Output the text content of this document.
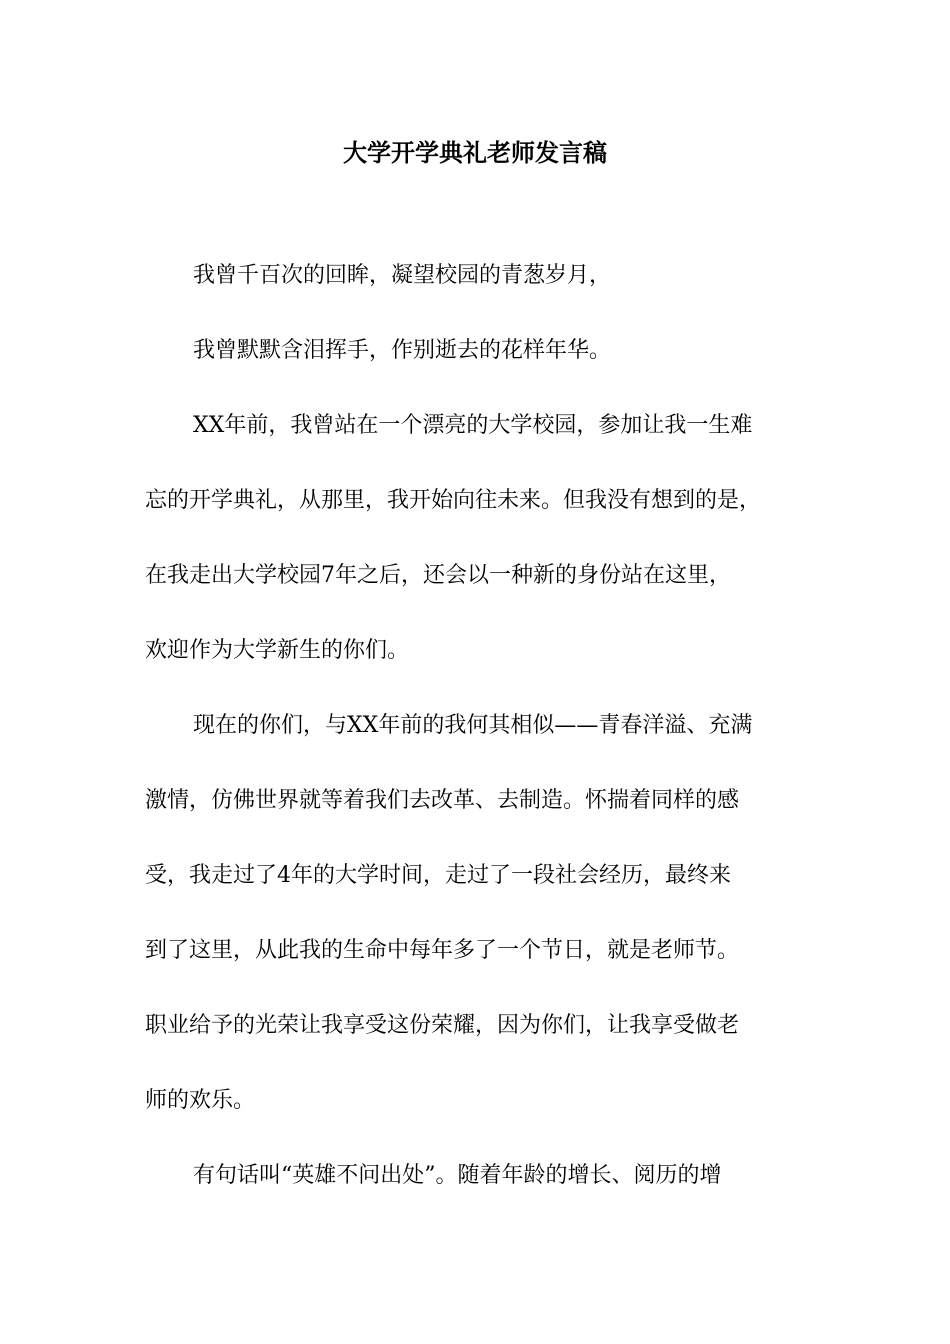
大学开学典礼老师发言稿
我曾千百次的回眸，凝望校园的青葱岁月，
我曾默默含泪挥手，作别逝去的花样年华。
XX年前，我曾站在一个漂亮的大学校园，参加让我一生难
忘的开学典礼，从那里，我开始向往未来。但我没有想到的是，
在我走出大学校园7年之后，还会以一种新的身份站在这里，
欢迎作为大学新生的你们。
现在的你们，与XX年前的我何其相似——青春洋溢、充满
激情，仿佛世界就等着我们去改革、去制造。怀揣着同样的感
受，我走过了4年的大学时间，走过了一段社会经历，最终来
到了这里，从此我的生命中每年多了一个节日，就是老师节。
职业给予的光荣让我享受这份荣耀，因为你们，让我享受做老
师的欢乐。
有句话叫“英雄不问出处”。随着年龄的增长、阅历的增
